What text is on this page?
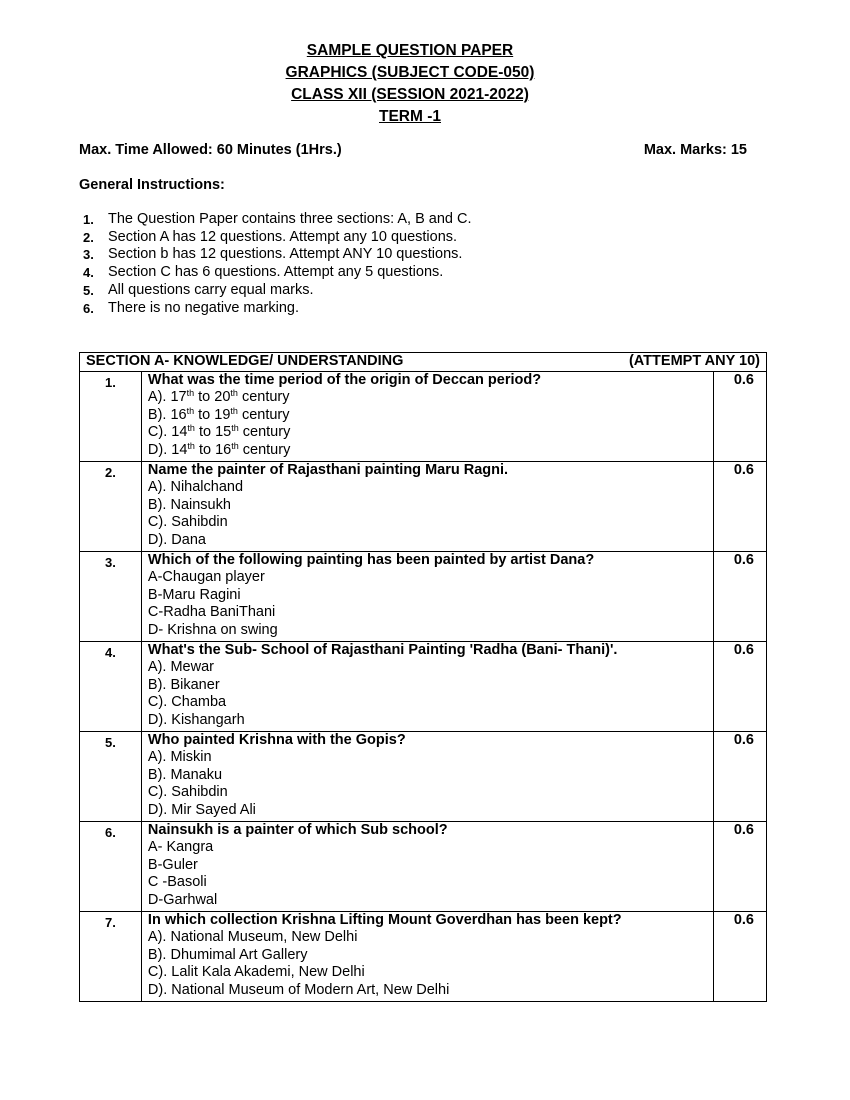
SAMPLE QUESTION PAPER
GRAPHICS (SUBJECT CODE-050)
CLASS XII (SESSION 2021-2022)
TERM -1
Max. Time Allowed: 60 Minutes (1Hrs.)	Max. Marks: 15
General Instructions:
1. The Question Paper contains three sections: A, B and C.
2. Section A has 12 questions. Attempt any 10 questions.
3. Section b has 12 questions. Attempt ANY 10 questions.
4. Section C has 6 questions. Attempt any 5 questions.
5. All questions carry equal marks.
6. There is no negative marking.
SECTION A- KNOWLEDGE/ UNDERSTANDING (ATTEMPT ANY 10)		

1.	What was the time period of the origin of Deccan period?
A). 17th to 20th century
B). 16th to 19th century
C). 14th to 15th century
D). 14th to 16th century	0.6
2.	Name the painter of Rajasthani painting Maru Ragni.
A). Nihalchand
B). Nainsukh
C). Sahibdin
D). Dana	0.6
3.	Which of the following painting has been painted by artist Dana?
A-Chaugan player
B-Maru Ragini
C-Radha BaniThani
D- Krishna on swing	0.6
4.	What's the Sub- School of Rajasthani Painting 'Radha (Bani- Thani)'.
A). Mewar
B). Bikaner
C). Chamba
D). Kishangarh	0.6
5.	Who painted Krishna with the Gopis?
A). Miskin
B). Manaku
C). Sahibdin
D). Mir Sayed Ali	0.6
6.	Nainsukh is a painter of which Sub school?
A- Kangra
B-Guler
C -Basoli
D-Garhwal	0.6
7.	In which collection Krishna Lifting Mount Goverdhan has been kept?
A). National Museum, New Delhi
B). Dhumimal Art Gallery
C). Lalit Kala Akademi, New Delhi
D). National Museum of Modern Art, New Delhi	0.6
